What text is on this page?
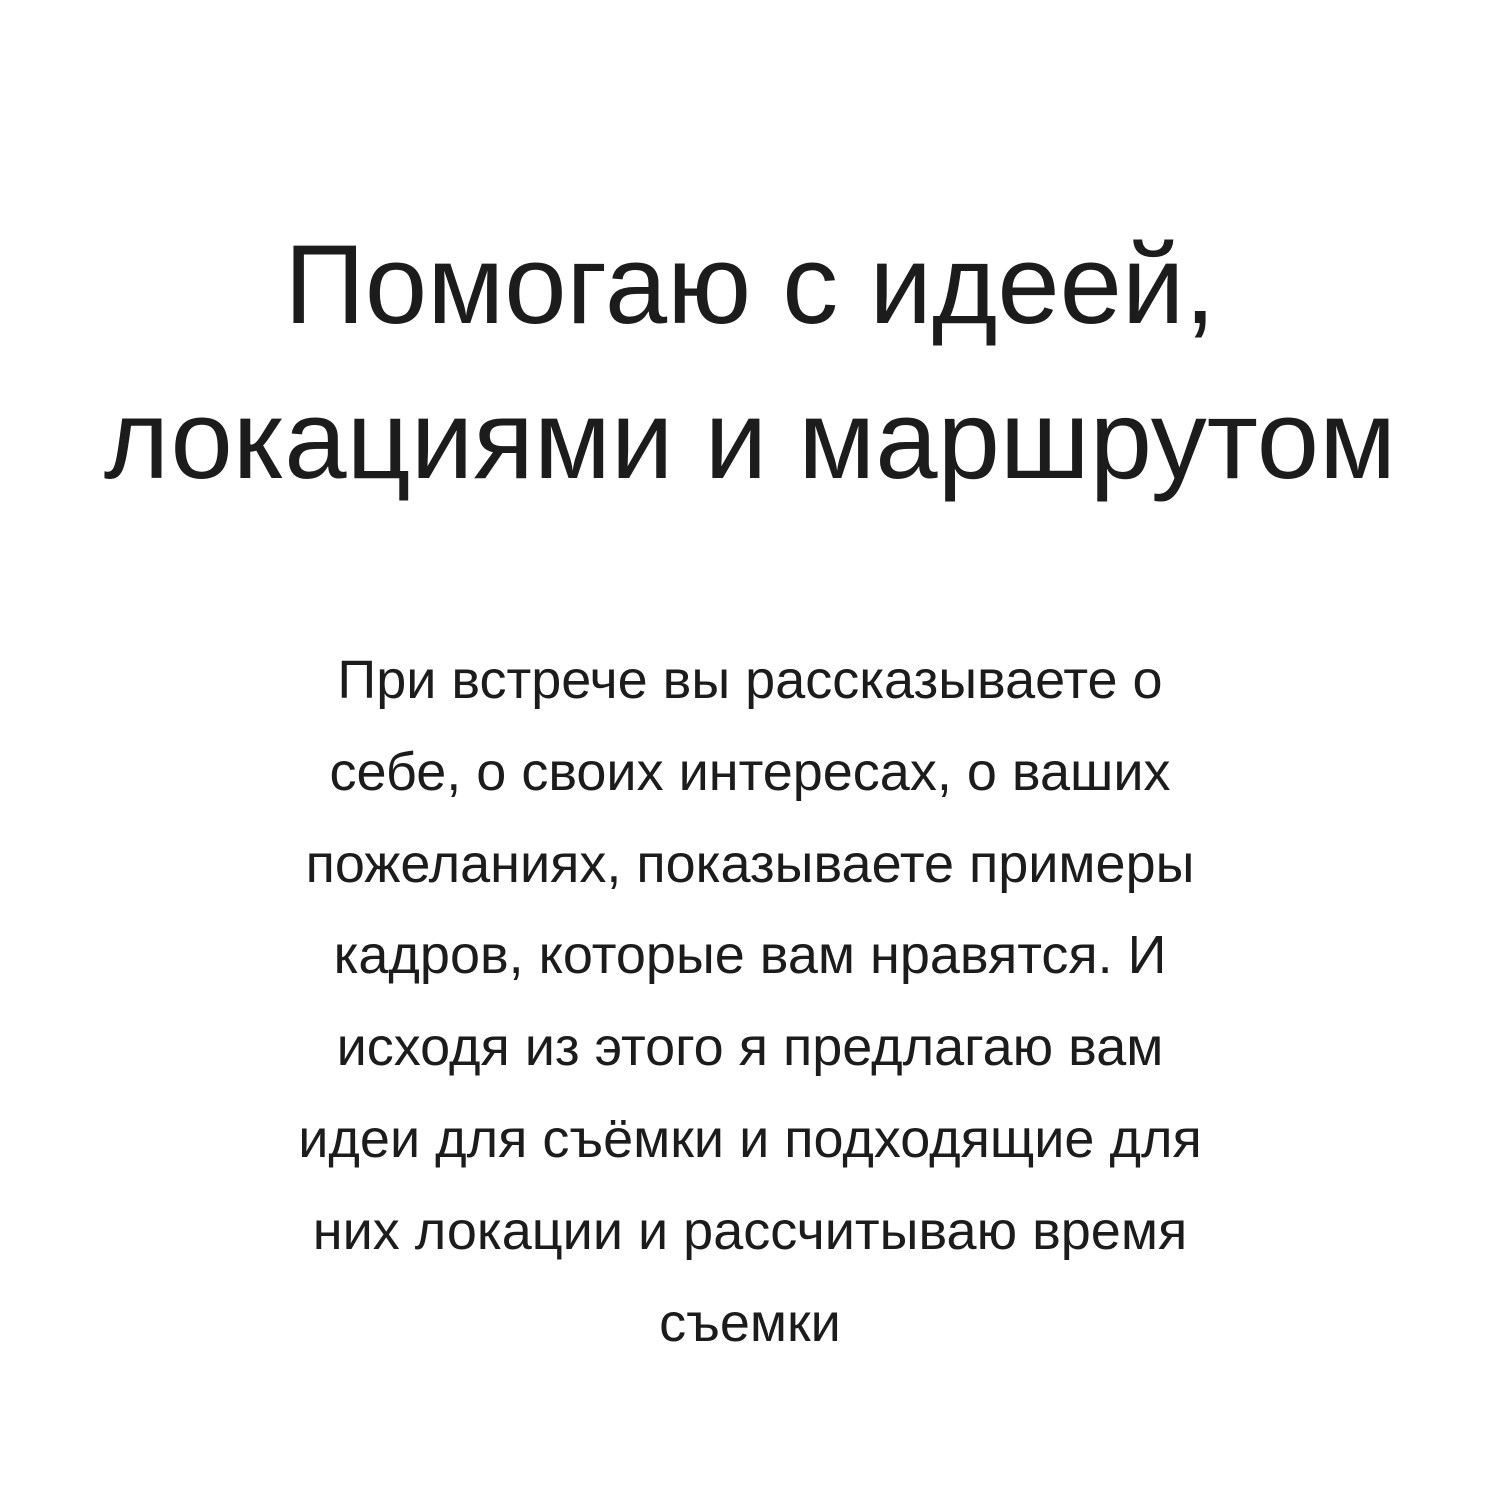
Помогаю с идеей, локациями и маршрутом

При встрече вы рассказываете о себе, о своих интересах, о ваших пожеланиях, показываете примеры кадров, которые вам нравятся. И исходя из этого я предлагаю вам идеи для съёмки и подходящие для них локации и рассчитываю время съемки
